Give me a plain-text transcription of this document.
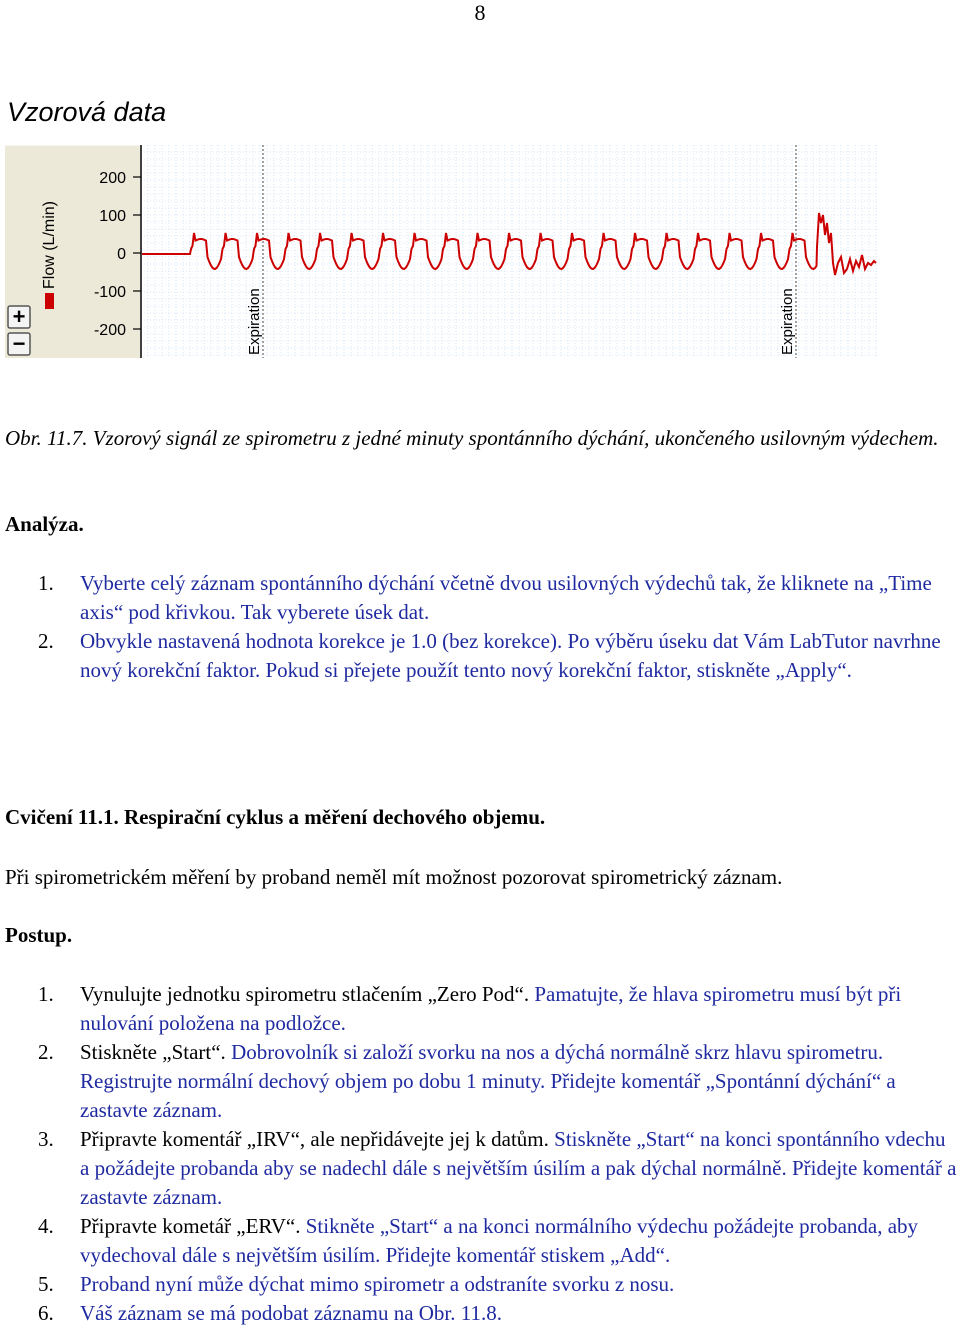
8
Vzorová data
200
100
0
-100
-200
Flow (L/min)
+
−	Expiration	Expiration
Obr. 11.7. Vzorový signál ze spirometru z jedné minuty spontánního dýchání, ukončeného usilovným výdechem.
Analýza.
1. Vyberte celý záznam spontánního dýchání včetně dvou usilovných výdechů tak, že kliknete na „Time axis“ pod křivkou. Tak vyberete úsek dat.
2. Obvykle nastavená hodnota korekce je 1.0 (bez korekce). Po výběru úseku dat Vám LabTutor navrhne nový korekční faktor. Pokud si přejete použít tento nový korekční faktor, stiskněte „Apply“.
Cvičení 11.1. Respirační cyklus a měření dechového objemu.
Při spirometrickém měření by proband neměl mít možnost pozorovat spirometrický záznam.
Postup.
1. Vynulujte jednotku spirometru stlačením „Zero Pod“. Pamatujte, že hlava spirometru musí být při nulování položena na podložce.
2. Stiskněte „Start“. Dobrovolník si založí svorku na nos a dýchá normálně skrz hlavu spirometru. Registrujte normální dechový objem po dobu 1 minuty. Přidejte komentář „Spontánní dýchání“ a zastavte záznam.
3. Připravte komentář „IRV“, ale nepřidávejte jej k datům. Stiskněte „Start“ na konci spontánního vdechu a požádejte probanda aby se nadechl dále s největším úsilím a pak dýchal normálně. Přidejte komentář a zastavte záznam.
4. Připravte kometář „ERV“. Stikněte „Start“ a na konci normálního výdechu požádejte probanda, aby vydechoval dále s největším úsilím. Přidejte komentář stiskem „Add“.
5. Proband nyní může dýchat mimo spirometr a odstraníte svorku z nosu.
6. Váš záznam se má podobat záznamu na Obr. 11.8.
